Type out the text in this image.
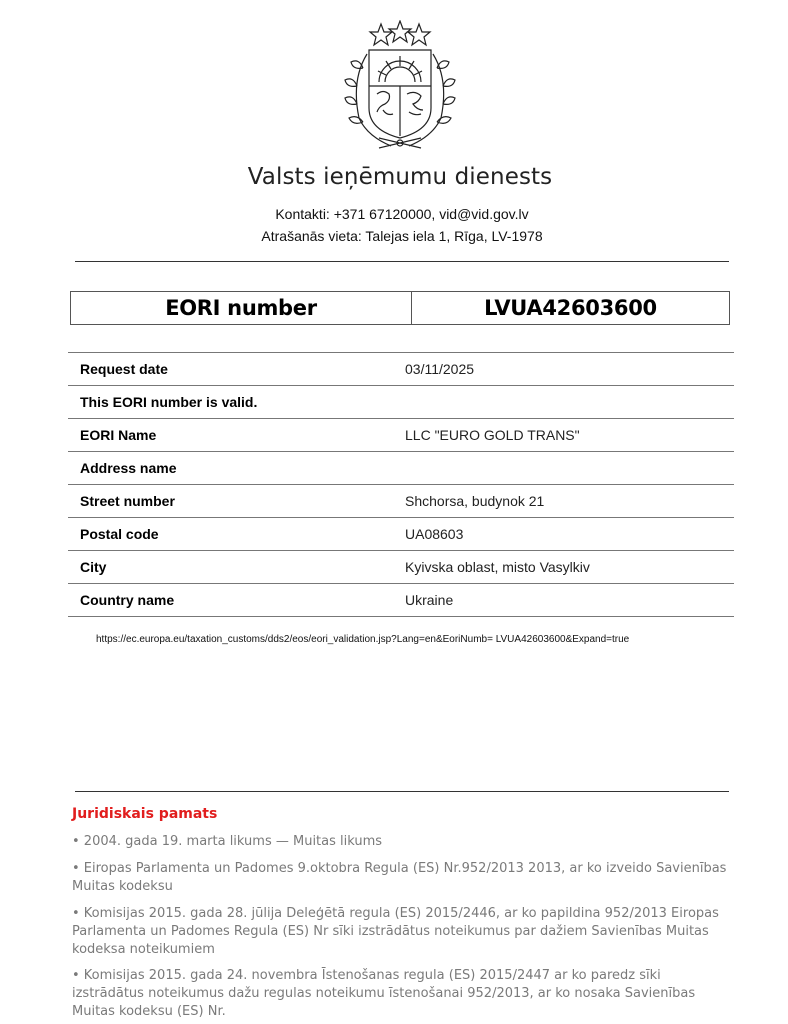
Valsts ieņēmumu dienests
Kontakti: +371 67120000, vid@vid.gov.lv
Atrašanās vieta: Talejas iela 1, Rīga, LV-1978
EORI number	LVUA42603600
Request date	03/11/2025
This EORI number is valid.	
EORI Name	LLC "EURO GOLD TRANS"
Address name	
Street number	Shchorsa, budynok 21
Postal code	UA08603
City	Kyivska oblast, misto Vasylkiv
Country name	Ukraine
https://ec.europa.eu/taxation_customs/dds2/eos/eori_validation.jsp?Lang=en&EoriNumb= LVUA42603600&Expand=true
Juridiskais pamats
• 2004. gada 19. marta likums — Muitas likums
• Eiropas Parlamenta un Padomes 9.oktobra Regula (ES) Nr.952/2013 2013, ar ko izveido Savienības Muitas kodeksu
• Komisijas 2015. gada 28. jūlija Deleģētā regula (ES) 2015/2446, ar ko papildina 952/2013 Eiropas Parlamenta un Padomes Regula (ES) Nr sīki izstrādātus noteikumus par dažiem Savienības Muitas kodeksa noteikumiem
• Komisijas 2015. gada 24. novembra Īstenošanas regula (ES) 2015/2447 ar ko paredz sīki izstrādātus noteikumus dažu regulas noteikumu īstenošanai 952/2013, ar ko nosaka Savienības Muitas kodeksu (ES) Nr.
